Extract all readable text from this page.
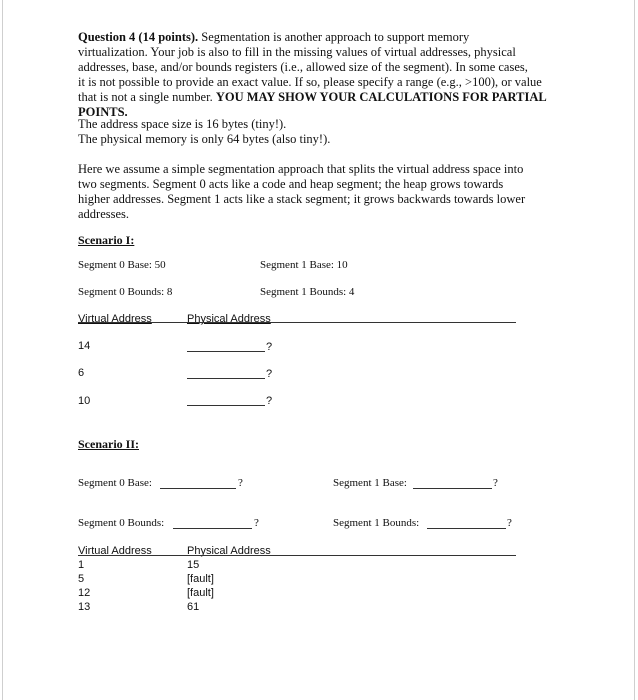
Question 4 (14 points). Segmentation is another approach to support memory

virtualization. Your job is also to fill in the missing values of virtual addresses, physical

addresses, base, and/or bounds registers (i.e., allowed size of the segment). In some cases,

it is not possible to provide an exact value. If so, please specify a range (e.g., >100), or value

that is not a single number. YOU MAY SHOW YOUR CALCULATIONS FOR PARTIAL POINTS.

The address space size is 16 bytes (tiny!).

The physical memory is only 64 bytes (also tiny!).

Here we assume a simple segmentation approach that splits the virtual address space into

two segments. Segment 0 acts like a code and heap segment; the heap grows towards

higher addresses. Segment 1 acts like a stack segment; it grows backwards towards lower

addresses.

Scenario I:
Segment 0 Base: 50	Segment 1 Base: 10
Segment 0 Bounds: 8	Segment 1 Bounds: 4
Virtual Address	Physical Address
14	?
6	?
10	?
Scenario II:
Segment 0 Base:	?	Segment 1 Base:	?
Segment 0 Bounds:	?	Segment 1 Bounds:	?
Virtual Address	Physical Address
1	15
5	[fault]
12	[fault]
13	61
